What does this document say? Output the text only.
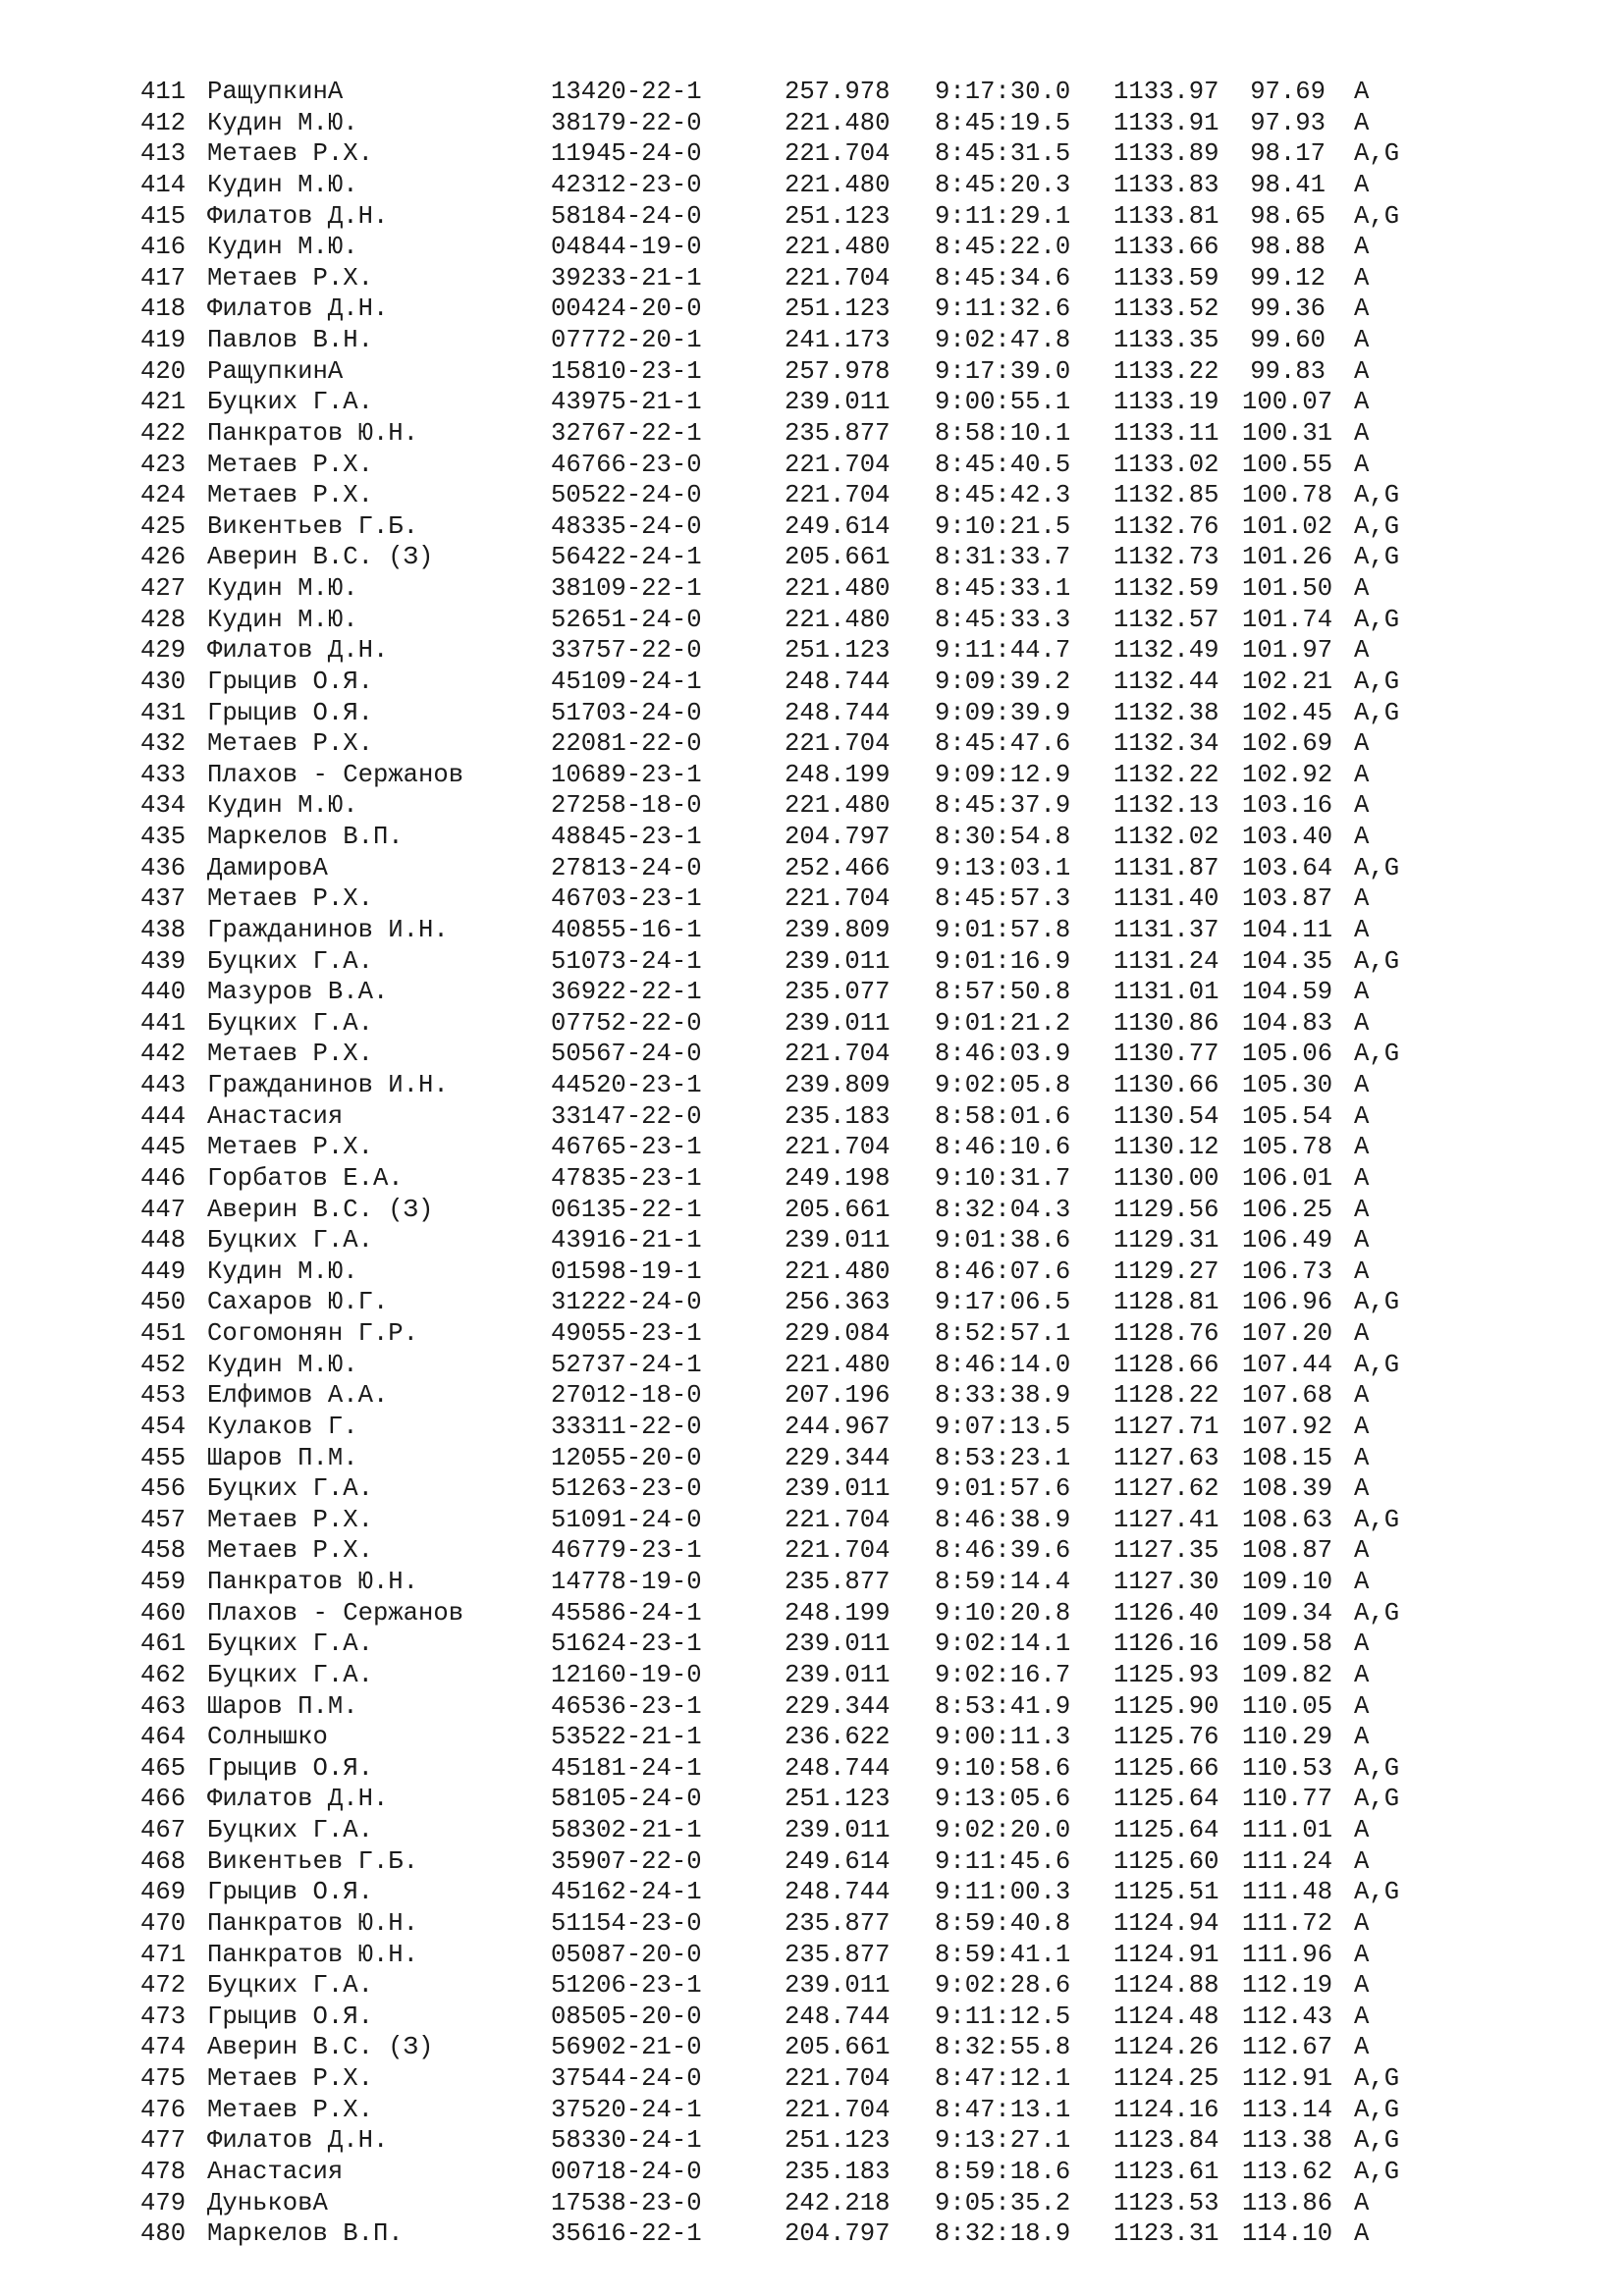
411 РащупкинА	13420-22-1	257.978 9:17:30.0 1133.97	97.69 A
412 Кудин М.Ю.	38179-22-0	221.480 8:45:19.5 1133.91	97.93 A
413 Метаев Р.Х.	11945-24-0	221.704 8:45:31.5 1133.89	98.17 A,G
414 Кудин М.Ю.	42312-23-0	221.480 8:45:20.3 1133.83	98.41 A
415 Филатов Д.Н.	58184-24-0	251.123 9:11:29.1 1133.81	98.65 A,G
416 Кудин М.Ю.	04844-19-0	221.480 8:45:22.0 1133.66	98.88 A
417 Метаев Р.Х.	39233-21-1	221.704 8:45:34.6 1133.59	99.12 A
418 Филатов Д.Н.	00424-20-0	251.123 9:11:32.6 1133.52	99.36 A
419 Павлов В.Н.	07772-20-1	241.173 9:02:47.8 1133.35	99.60 A
420 РащупкинА	15810-23-1	257.978 9:17:39.0 1133.22	99.83 A
421 Буцких Г.А.	43975-21-1	239.011 9:00:55.1 1133.19 100.07 A
422 Панкратов Ю.Н.	32767-22-1	235.877 8:58:10.1 1133.11 100.31 A
423 Метаев Р.Х.	46766-23-0	221.704 8:45:40.5 1133.02 100.55 A
424 Метаев Р.Х.	50522-24-0	221.704 8:45:42.3 1132.85 100.78 A,G
425 Викентьев Г.Б.	48335-24-0	249.614 9:10:21.5 1132.76 101.02 A,G
426 Аверин В.С. (З)	56422-24-1	205.661 8:31:33.7 1132.73 101.26 A,G
427 Кудин М.Ю.	38109-22-1	221.480 8:45:33.1 1132.59 101.50 A
428 Кудин М.Ю.	52651-24-0	221.480 8:45:33.3 1132.57 101.74 A,G
429 Филатов Д.Н.	33757-22-0	251.123 9:11:44.7 1132.49 101.97 A
430 Грыцив О.Я.	45109-24-1	248.744 9:09:39.2 1132.44 102.21 A,G
431 Грыцив О.Я.	51703-24-0	248.744 9:09:39.9 1132.38 102.45 A,G
432 Метаев Р.Х.	22081-22-0	221.704 8:45:47.6 1132.34 102.69 A
433 Плахов - Сержанов	10689-23-1	248.199 9:09:12.9 1132.22 102.92 A
434 Кудин М.Ю.	27258-18-0	221.480 8:45:37.9 1132.13 103.16 A
435 Маркелов В.П.	48845-23-1	204.797 8:30:54.8 1132.02 103.40 A
436 ДамировА	27813-24-0	252.466 9:13:03.1 1131.87 103.64 A,G
437 Метаев Р.Х.	46703-23-1	221.704 8:45:57.3 1131.40 103.87 A
438 Гражданинов И.Н.	40855-16-1	239.809 9:01:57.8 1131.37 104.11 A
439 Буцких Г.А.	51073-24-1	239.011 9:01:16.9 1131.24 104.35 A,G
440 Мазуров В.А.	36922-22-1	235.077 8:57:50.8 1131.01 104.59 A
441 Буцких Г.А.	07752-22-0	239.011 9:01:21.2 1130.86 104.83 A
442 Метаев Р.Х.	50567-24-0	221.704 8:46:03.9 1130.77 105.06 A,G
443 Гражданинов И.Н.	44520-23-1	239.809 9:02:05.8 1130.66 105.30 A
444 Анастасия	33147-22-0	235.183 8:58:01.6 1130.54 105.54 A
445 Метаев Р.Х.	46765-23-1	221.704 8:46:10.6 1130.12 105.78 A
446 Горбатов Е.А.	47835-23-1	249.198 9:10:31.7 1130.00 106.01 A
447 Аверин В.С. (З)	06135-22-1	205.661 8:32:04.3 1129.56 106.25 A
448 Буцких Г.А.	43916-21-1	239.011 9:01:38.6 1129.31 106.49 A
449 Кудин М.Ю.	01598-19-1	221.480 8:46:07.6 1129.27 106.73 A
450 Сахаров Ю.Г.	31222-24-0	256.363 9:17:06.5 1128.81 106.96 A,G
451 Согомонян Г.Р.	49055-23-1	229.084 8:52:57.1 1128.76 107.20 A
452 Кудин М.Ю.	52737-24-1	221.480 8:46:14.0 1128.66 107.44 A,G
453 Елфимов А.А.	27012-18-0	207.196 8:33:38.9 1128.22 107.68 A
454 Кулаков Г.	33311-22-0	244.967 9:07:13.5 1127.71 107.92 A
455 Шаров П.М.	12055-20-0	229.344 8:53:23.1 1127.63 108.15 A
456 Буцких Г.А.	51263-23-0	239.011 9:01:57.6 1127.62 108.39 A
457 Метаев Р.Х.	51091-24-0	221.704 8:46:38.9 1127.41 108.63 A,G
458 Метаев Р.Х.	46779-23-1	221.704 8:46:39.6 1127.35 108.87 A
459 Панкратов Ю.Н.	14778-19-0	235.877 8:59:14.4 1127.30 109.10 A
460 Плахов - Сержанов	45586-24-1	248.199 9:10:20.8 1126.40 109.34 A,G
461 Буцких Г.А.	51624-23-1	239.011 9:02:14.1 1126.16 109.58 A
462 Буцких Г.А.	12160-19-0	239.011 9:02:16.7 1125.93 109.82 A
463 Шаров П.М.	46536-23-1	229.344 8:53:41.9 1125.90 110.05 A
464 Солнышко	53522-21-1	236.622 9:00:11.3 1125.76 110.29 A
465 Грыцив О.Я.	45181-24-1	248.744 9:10:58.6 1125.66 110.53 A,G
466 Филатов Д.Н.	58105-24-0	251.123 9:13:05.6 1125.64 110.77 A,G
467 Буцких Г.А.	58302-21-1	239.011 9:02:20.0 1125.64 111.01 A
468 Викентьев Г.Б.	35907-22-0	249.614 9:11:45.6 1125.60 111.24 A
469 Грыцив О.Я.	45162-24-1	248.744 9:11:00.3 1125.51 111.48 A,G
470 Панкратов Ю.Н.	51154-23-0	235.877 8:59:40.8 1124.94 111.72 A
471 Панкратов Ю.Н.	05087-20-0	235.877 8:59:41.1 1124.91 111.96 A
472 Буцких Г.А.	51206-23-1	239.011 9:02:28.6 1124.88 112.19 A
473 Грыцив О.Я.	08505-20-0	248.744 9:11:12.5 1124.48 112.43 A
474 Аверин В.С. (З)	56902-21-0	205.661 8:32:55.8 1124.26 112.67 A
475 Метаев Р.Х.	37544-24-0	221.704 8:47:12.1 1124.25 112.91 A,G
476 Метаев Р.Х.	37520-24-1	221.704 8:47:13.1 1124.16 113.14 A,G
477 Филатов Д.Н.	58330-24-1	251.123 9:13:27.1 1123.84 113.38 A,G
478 Анастасия	00718-24-0	235.183 8:59:18.6 1123.61 113.62 A,G
479 ДуньковА	17538-23-0	242.218 9:05:35.2 1123.53 113.86 A
480 Маркелов В.П.	35616-22-1	204.797 8:32:18.9 1123.31 114.10 A
